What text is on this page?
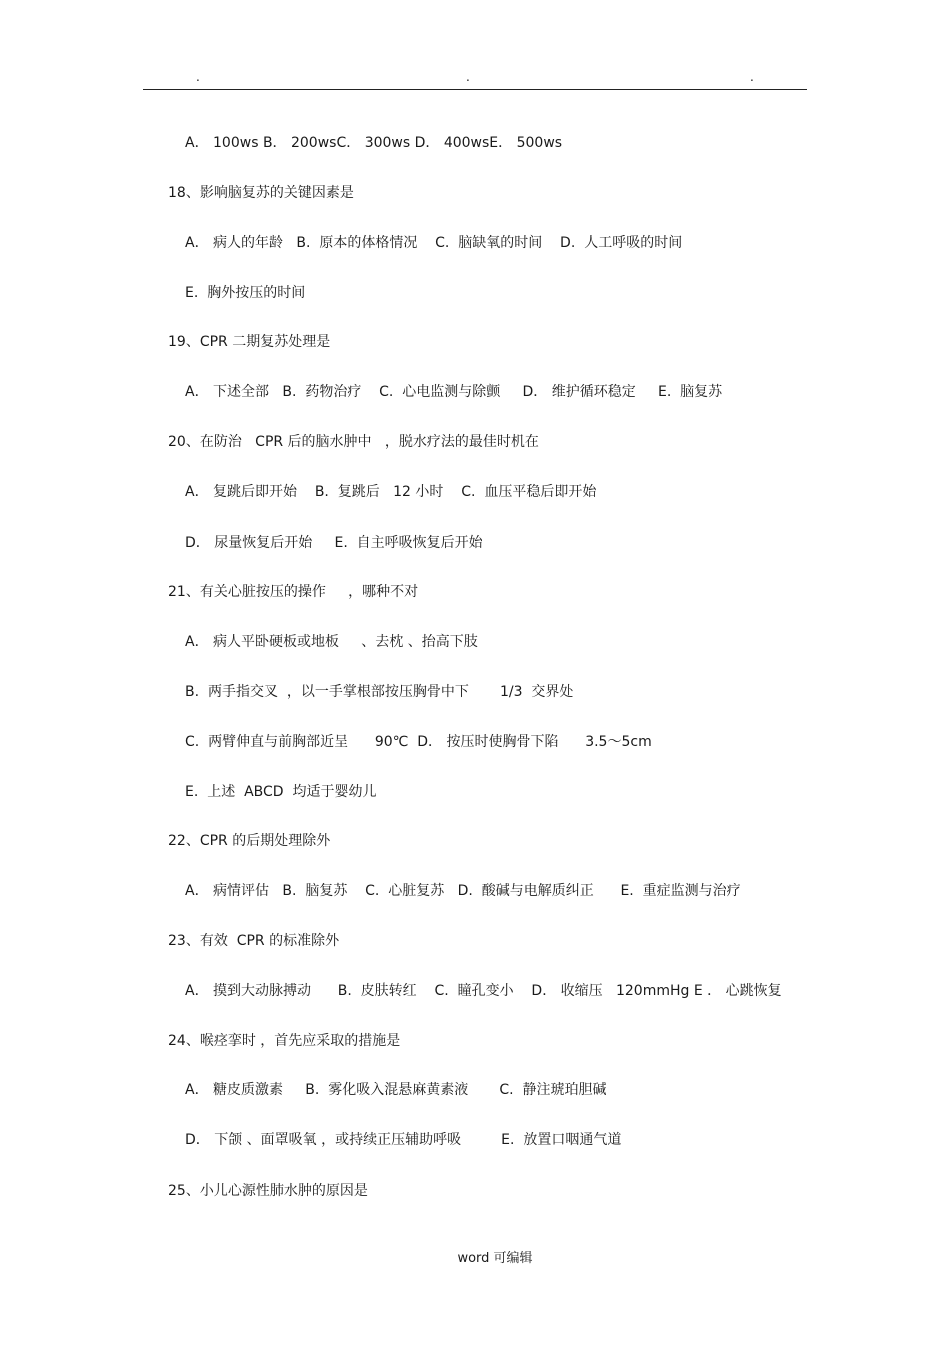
.	.	.
A． 100ws B． 200wsC． 300ws D． 400wsE． 500ws
18、影响脑复苏的关键因素是
A． 病人的年龄   B.  原本的体格情况    C.  脑缺氧的时间    D.  人工呼吸的时间
E.  胸外按压的时间
19、CPR 二期复苏处理是
A． 下述全部   B.  药物治疗    C.  心电监测与除颤     D． 维护循环稳定     E.  脑复苏
20、在防治   CPR 后的脑水肿中   ，脱水疗法的最佳时机在
A． 复跳后即开始    B.  复跳后   12 小时    C.  血压平稳后即开始
D． 尿量恢复后开始     E.  自主呼吸恢复后开始
21、有关心脏按压的操作     ，哪种不对
A． 病人平卧硬板或地板     、去枕 、抬高下肢
B.  两手指交叉  ，以一手掌根部按压胸骨中下       1/3  交界处
C.  两臂伸直与前胸部近呈      90℃  D． 按压时使胸骨下陷      3.5～5cm
E.  上述  ABCD  均适于婴幼儿
22、CPR 的后期处理除外
A． 病情评估   B.  脑复苏    C.  心脏复苏   D.  酸碱与电解质纠正      E.  重症监测与治疗
23、有效  CPR 的标准除外
A． 摸到大动脉搏动      B.  皮肤转红    C.  瞳孔变小    D． 收缩压   120mmHg E ． 心跳恢复
24、喉痉挛时 ，首先应采取的措施是
A． 糖皮质激素     B.  雾化吸入混悬麻黄素液       C.  静注琥珀胆碱
D． 下颌 、面罩吸氧 ，或持续正压辅助呼吸         E.  放置口咽通气道
25、小儿心源性肺水肿的原因是
word 可编辑
